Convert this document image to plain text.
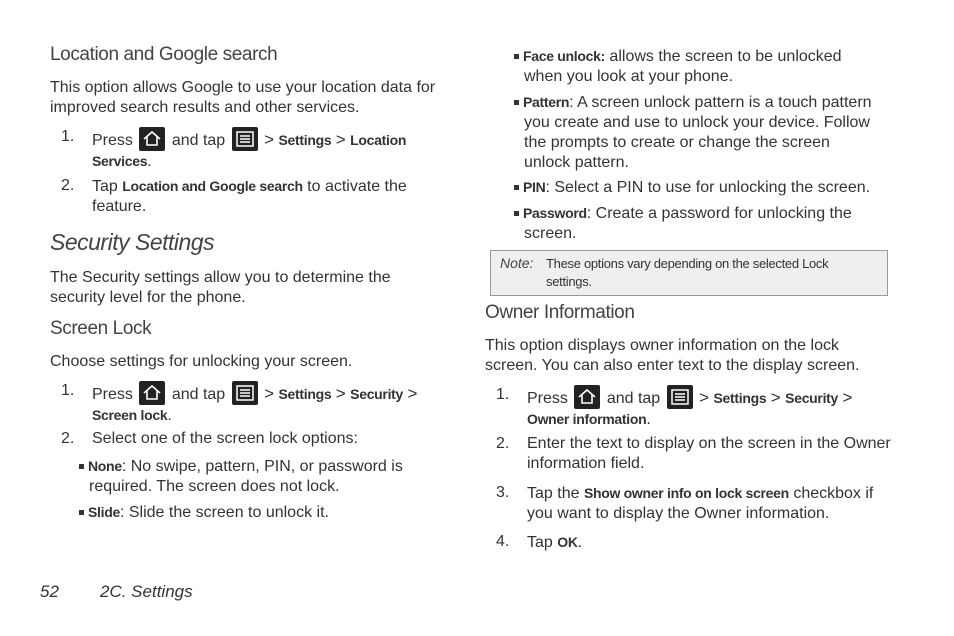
Location and Google search
This option allows Google to use your location data for improved search results and other services.
1.	Press and tap > Settings > Location
Services.
2.	Tap Location and Google search to activate the
feature.
Security Settings
The Security settings allow you to determine the security level for the phone.
Screen Lock
Choose settings for unlocking your screen.
1.	Press and tap > Settings > Security >
Screen lock.
2.	Select one of the screen lock options:
None: No swipe, pattern, PIN, or password is
required. The screen does not lock.
Slide: Slide the screen to unlock it.
Face unlock: allows the screen to be unlocked
when you look at your phone.
Pattern: A screen unlock pattern is a touch pattern
you create and use to unlock your device. Follow
the prompts to create or change the screen
unlock pattern.
PIN: Select a PIN to use for unlocking the screen.
Password: Create a password for unlocking the
screen.
Owner Information
This option displays owner information on the lock screen. You can also enter text to the display screen.
1.	Press and tap > Settings > Security >
Owner information.
2.	Enter the text to display on the screen in the Owner information field.
3.	Tap the Show owner info on lock screen checkbox if
you want to display the Owner information.
4.	Tap OK.
Note: These options vary depending on the selected Lock settings.
52 2C. Settings
